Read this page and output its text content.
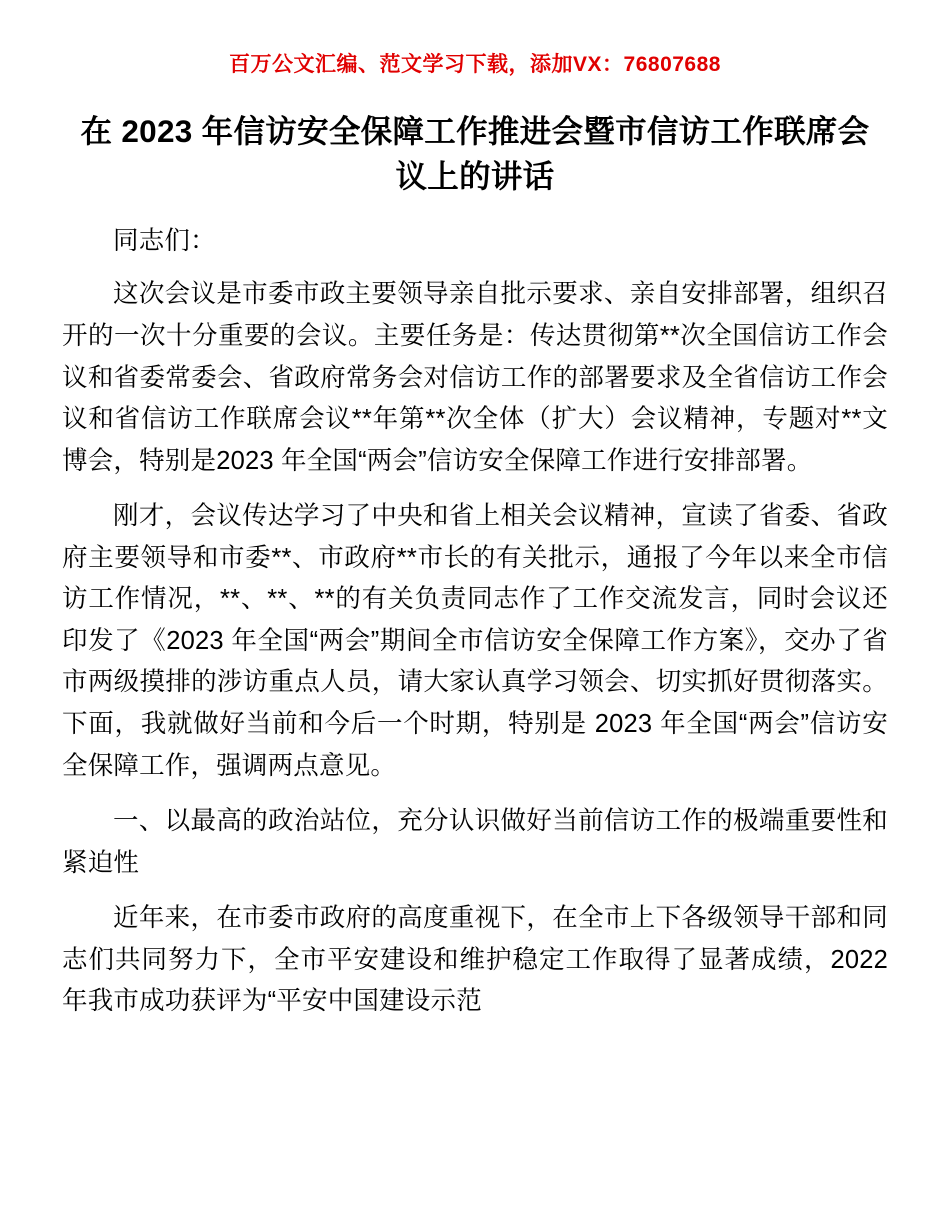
百万公文汇编、范文学习下载，添加VX：76807688
在 2023 年信访安全保障工作推进会暨市信访工作联席会议上的讲话

同志们：

这次会议是市委市政主要领导亲自批示要求、亲自安排部署，组织召开的一次十分重要的会议。主要任务是：传达贯彻第**次全国信访工作会议和省委常委会、省政府常务会对信访工作的部署要求及全省信访工作会议和省信访工作联席会议**年第**次全体（扩大）会议精神，专题对**文博会，特别是2023 年全国“两会”信访安全保障工作进行安排部署。

刚才，会议传达学习了中央和省上相关会议精神，宣读了省委、省政府主要领导和市委**、市政府**市长的有关批示，通报了今年以来全市信访工作情况，**、**、**的有关负责同志作了工作交流发言，同时会议还印发了《2023 年全国“两会”期间全市信访安全保障工作方案》，交办了省市两级摸排的涉访重点人员，请大家认真学习领会、切实抓好贯彻落实。下面，我就做好当前和今后一个时期，特别是 2023 年全国“两会”信访安全保障工作，强调两点意见。

一、以最高的政治站位，充分认识做好当前信访工作的极端重要性和紧迫性

近年来，在市委市政府的高度重视下，在全市上下各级领导干部和同志们共同努力下，全市平安建设和维护稳定工作取得了显著成绩，2022 年我市成功获评为“平安中国建设示范
